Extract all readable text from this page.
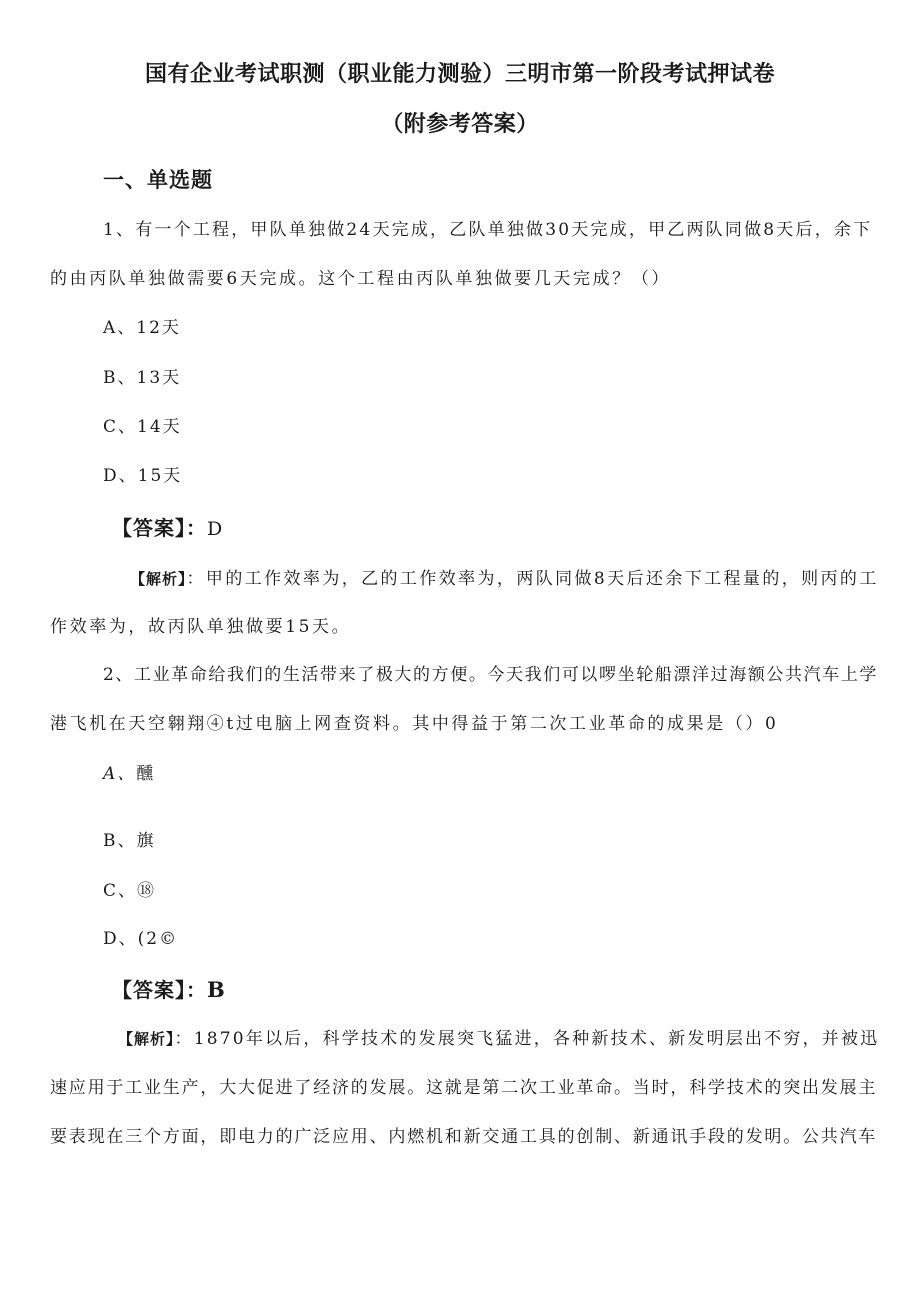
国有企业考试职测（职业能力测验）三明市第一阶段考试押试卷
（附参考答案）
一、单选题
1、有一个工程，甲队单独做24天完成，乙队单独做30天完成，甲乙两队同做8天后，余下
的由丙队单独做需要6天完成。这个工程由丙队单独做要几天完成？（）
A、12天
B、13天
C、14天
D、15天
【答案】：D
【解析】：甲的工作效率为，乙的工作效率为，两队同做8天后还余下工程量的，则丙的工
作效率为，故丙队单独做要15天。
2、工业革命给我们的生活带来了极大的方便。今天我们可以啰坐轮船漂洋过海额公共汽车上学
港飞机在天空翱翔④t过电脑上网查资料。其中得益于第二次工业革命的成果是（）0
A、醺
B、旗
C、⑱
D、(2©
【答案】：B
【解析】：1870年以后，科学技术的发展突飞猛进，各种新技术、新发明层出不穷，并被迅
速应用于工业生产，大大促进了经济的发展。这就是第二次工业革命。当时，科学技术的突出发展主
要表现在三个方面，即电力的广泛应用、内燃机和新交通工具的创制、新通讯手段的发明。公共汽车
